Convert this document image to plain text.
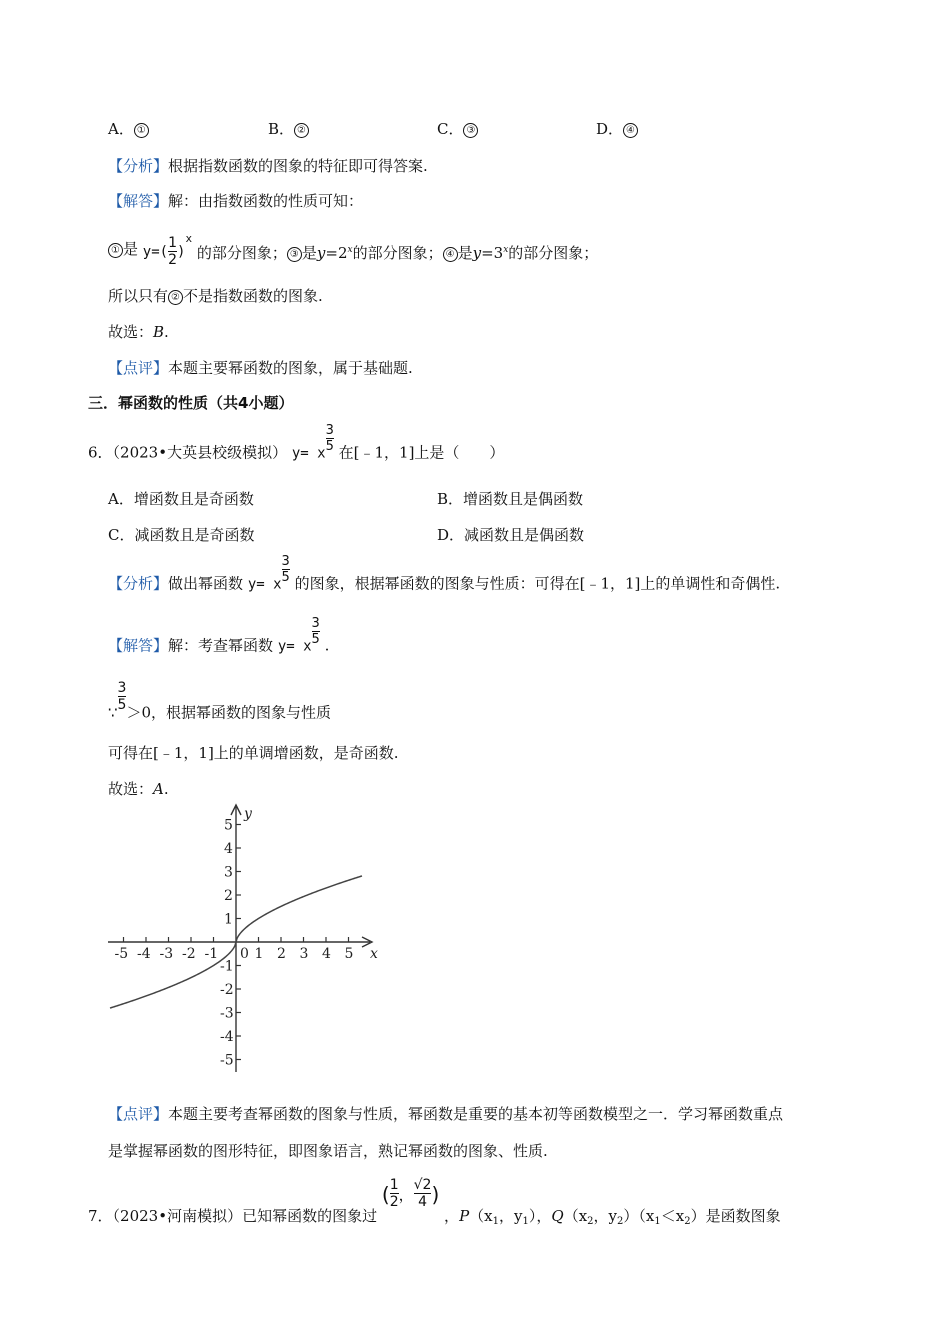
A． ①	B． ②	C． ③	D． ④
【分析】根据指数函数的图象的特征即可得答案.
【解答】解：由指数函数的性质可知：
① 是 $y=( \frac{1}{2} )^x$ 的部分图象； ③ 是$y=2^x$的部分图象； ④ 是$y=3^x$的部分图象；
所以只有 ② 不是指数函数的图象.
故选：B.
【点评】本题主要幂函数的图象，属于基础题.
三．幂函数的性质（共4小题）
6．（2023•大英县校级模拟） y= x $\frac{3}{5}$ 在[﹣1，1]上是（　　）
A．增函数且是奇函数	B．增函数且是偶函数
C．减函数且是奇函数	D．减函数且是偶函数
【分析】做出幂函数 y= x $\frac{3}{5}$ 的图象，根据幂函数的图象与性质：可得在[﹣1，1]上的单调性和奇偶性.
【解答】解：考查幂函数 y= x $\frac{3}{5}$ .
∵ $\frac{3}{5} >0$，根据幂函数的图象与性质
可得在[﹣1，1]上的单调增函数，是奇函数.
故选：A.
-5 -4 -3 -2 -1	1 2 3 4 5
-5
-4
-3
-2
-1
1
2
3
4
5
x
y
0
【点评】本题主要考查幂函数的图象与性质，幂函数是重要的基本初等函数模型之一．学习幂函数重点
是掌握幂函数的图形特征，即图象语言，熟记幂函数的图象、性质.
7．（2023•河南模拟）已知幂函数的图象过 ( $\frac{1}{2}$ ， $\frac{√2}{4}$ ) ，$P(x_1$，$y_1$），$Q(x_2$，$y_2)(x_1<x_2)$是函数图象
